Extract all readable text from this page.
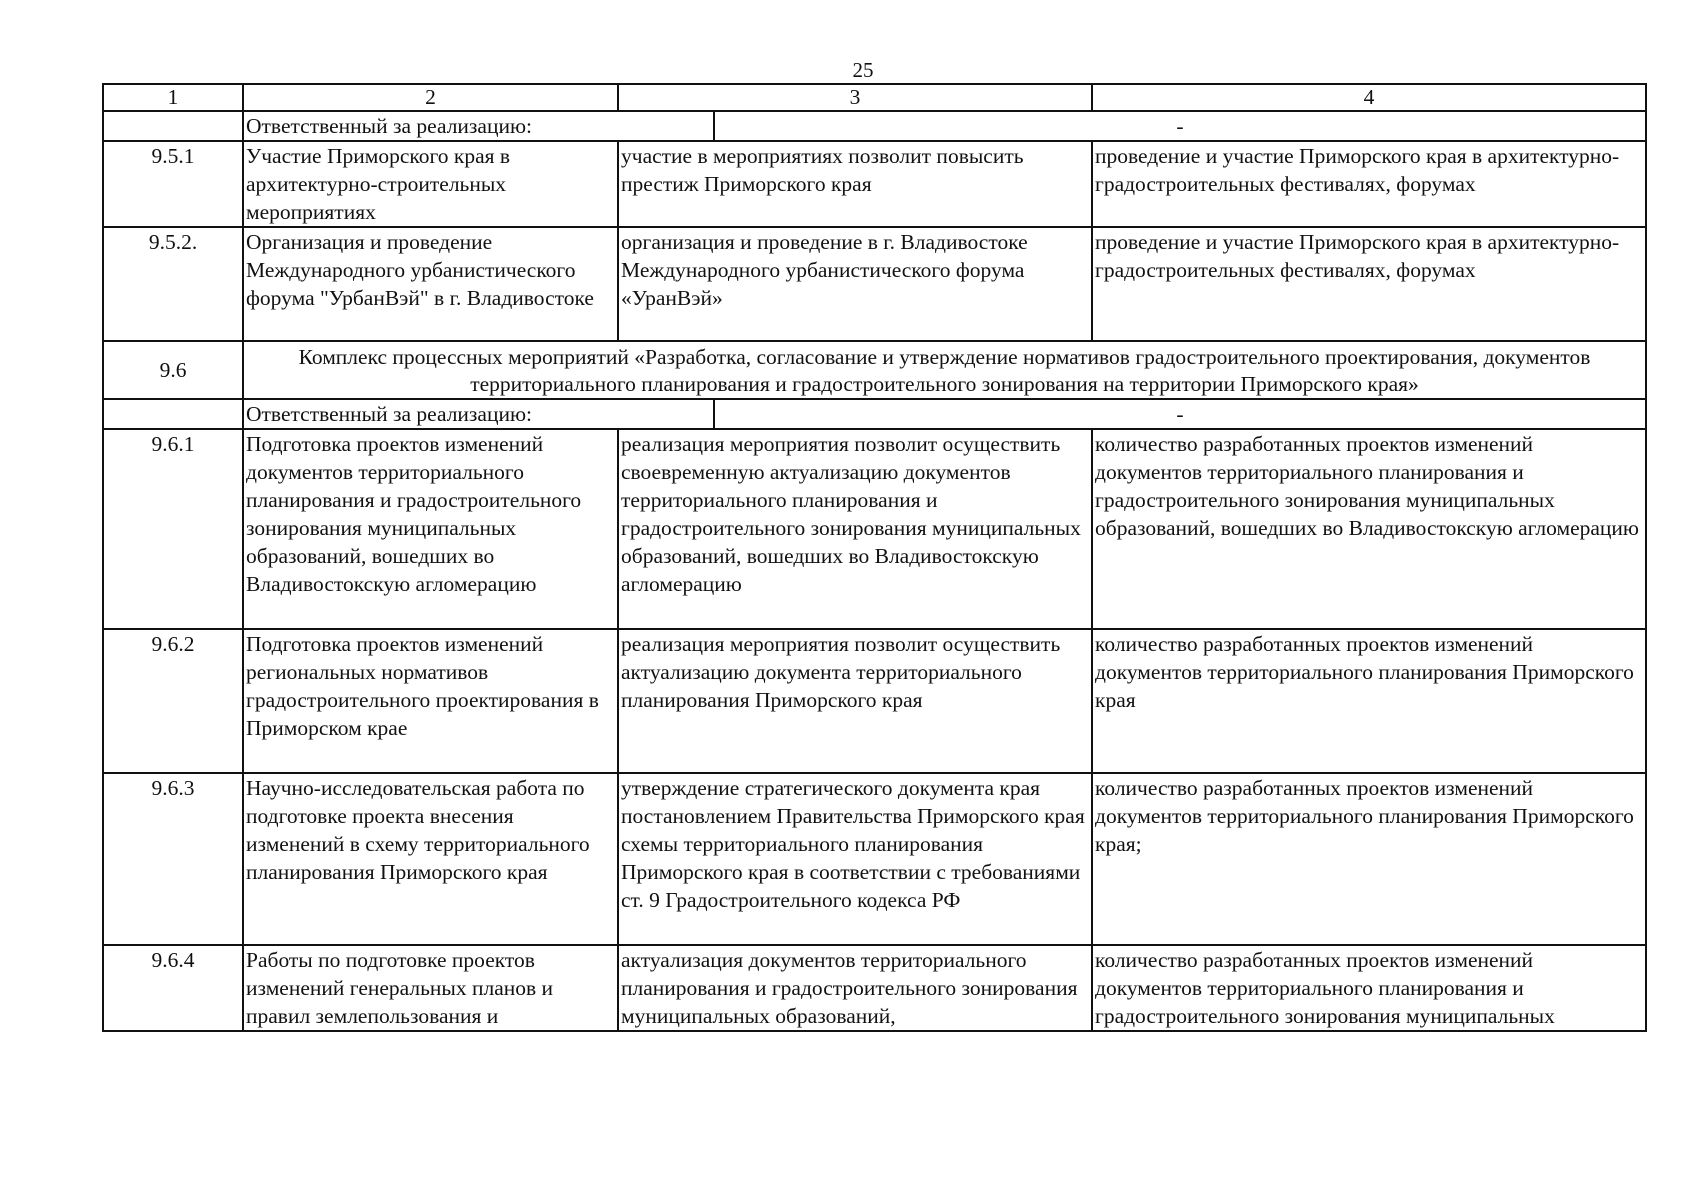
25
1	2	3		4
	Ответственный за реализацию:		-	
9.5.1	Участие Приморского края в архитектурно-строительных мероприятиях	участие в мероприятиях позволит повысить престиж Приморского края		проведение и участие Приморского края в архитектурно-градостроительных фестивалях, форумах
9.5.2.	Организация и проведение Международного урбанистического форума "УрбанВэй" в г. Владивостоке	организация и проведение в г. Владивостоке Международного урбанистического форума «УранВэй»		проведение и участие Приморского края в архитектурно-градостроительных фестивалях, форумах
9.6	Комплекс процессных мероприятий «Разработка, согласование и утверждение нормативов градостроительного проектирования, документов территориального планирования и градостроительного зонирования на территории Приморского края»			
	Ответственный за реализацию:		-	
9.6.1	Подготовка проектов изменений документов территориального планирования и градостроительного зонирования муниципальных образований, вошедших во Владивостокскую агломерацию	реализация мероприятия позволит осуществить своевременную актуализацию документов территориального планирования и градостроительного зонирования муниципальных образований, вошедших во Владивостокскую агломерацию		количество разработанных проектов изменений документов территориального планирования и градостроительного зонирования муниципальных образований, вошедших во Владивостокскую агломерацию
9.6.2	Подготовка проектов изменений региональных нормативов градостроительного проектирования в Приморском крае	реализация мероприятия позволит осуществить актуализацию документа территориального планирования Приморского края		количество разработанных проектов изменений документов территориального планирования Приморского края
9.6.3	Научно-исследовательская работа по подготовке проекта внесения изменений в схему территориального планирования Приморского края	утверждение стратегического документа края постановлением Правительства Приморского края схемы территориального планирования Приморского края в соответствии с требованиями ст. 9 Градостроительного кодекса РФ		количество разработанных проектов изменений документов территориального планирования Приморского края;
9.6.4	Работы по подготовке проектов изменений генеральных планов и правил землепользования и	актуализация документов территориального планирования и градостроительного зонирования муниципальных образований,		количество разработанных проектов изменений документов территориального планирования и градостроительного зонирования муниципальных
